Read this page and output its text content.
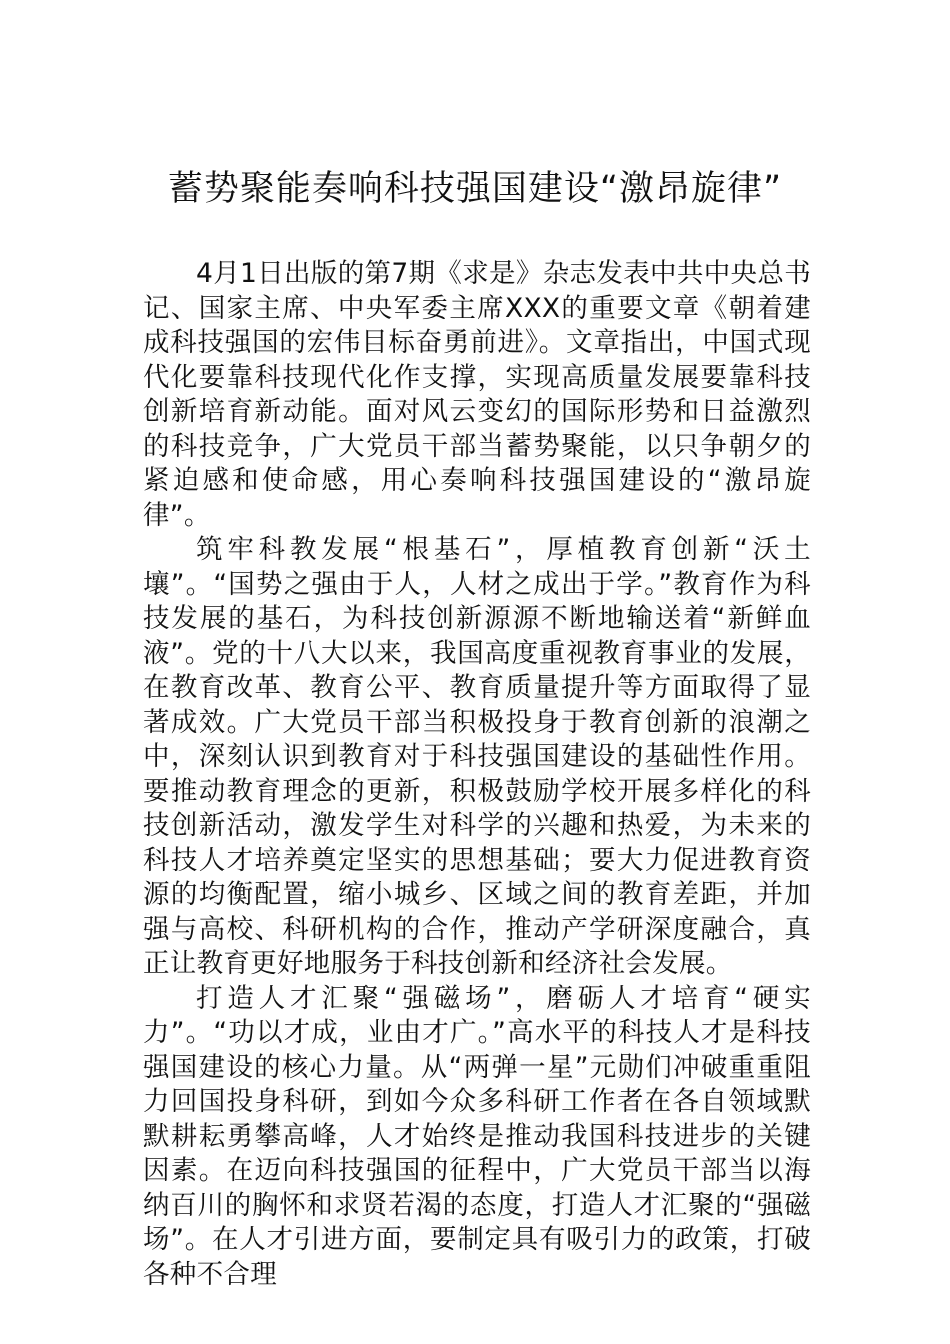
蓄势聚能奏响科技强国建设“激昂旋律”

4月1日出版的第7期《求是》杂志发表中共中央总书记、国家主席、中央军委主席XXX的重要文章《朝着建成科技强国的宏伟目标奋勇前进》。文章指出，中国式现代化要靠科技现代化作支撑，实现高质量发展要靠科技创新培育新动能。面对风云变幻的国际形势和日益激烈的科技竞争，广大党员干部当蓄势聚能，以只争朝夕的紧迫感和使命感，用心奏响科技强国建设的“激昂旋律”。

筑牢科教发展“根基石”，厚植教育创新“沃土壤”。“国势之强由于人，人材之成出于学。”教育作为科技发展的基石，为科技创新源源不断地输送着“新鲜血液”。党的十八大以来，我国高度重视教育事业的发展，在教育改革、教育公平、教育质量提升等方面取得了显著成效。广大党员干部当积极投身于教育创新的浪潮之中，深刻认识到教育对于科技强国建设的基础性作用。要推动教育理念的更新，积极鼓励学校开展多样化的科技创新活动，激发学生对科学的兴趣和热爱，为未来的科技人才培养奠定坚实的思想基础；要大力促进教育资源的均衡配置，缩小城乡、区域之间的教育差距，并加强与高校、科研机构的合作，推动产学研深度融合，真正让教育更好地服务于科技创新和经济社会发展。

打造人才汇聚“强磁场”，磨砺人才培育“硬实力”。“功以才成，业由才广。”高水平的科技人才是科技强国建设的核心力量。从“两弹一星”元勋们冲破重重阻力回国投身科研，到如今众多科研工作者在各自领域默默耕耘勇攀高峰，人才始终是推动我国科技进步的关键因素。在迈向科技强国的征程中，广大党员干部当以海纳百川的胸怀和求贤若渴的态度，打造人才汇聚的“强磁场”。在人才引进方面，要制定具有吸引力的政策，打破各种不合理
